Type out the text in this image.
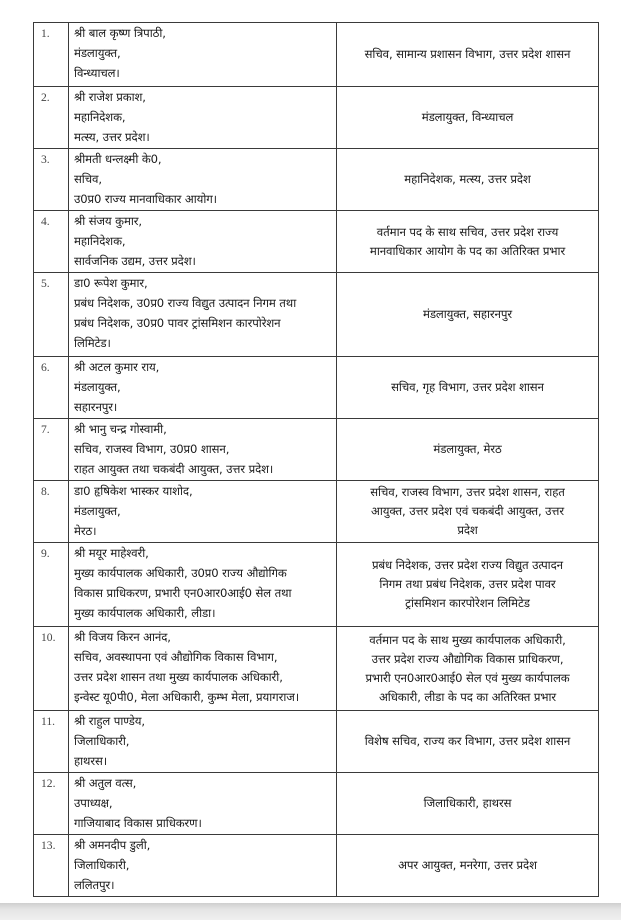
1.	श्री बाल कृष्ण त्रिपाठी,
मंडलायुक्त,
विन्ध्याचल।	सचिव, सामान्य प्रशासन विभाग, उत्तर प्रदेश शासन

2.	श्री राजेश प्रकाश,
महानिदेशक,
मत्स्य, उत्तर प्रदेश।	मंडलायुक्त, विन्ध्याचल

3.	श्रीमती धन्लक्ष्मी के0,
सचिव,
उ0प्र0 राज्य मानवाधिकार आयोग।	महानिदेशक, मत्स्य, उत्तर प्रदेश

4.	श्री संजय कुमार,
महानिदेशक,
सार्वजनिक उद्यम, उत्तर प्रदेश।	वर्तमान पद के साथ सचिव, उत्तर प्रदेश राज्य
मानवाधिकार आयोग के पद का अतिरिक्त प्रभार

5.	डा0 रूपेश कुमार,
प्रबंध निदेशक, उ0प्र0 राज्य विद्युत उत्पादन निगम तथा
प्रबंध निदेशक, उ0प्र0 पावर ट्रांसमिशन कारपोरेशन
लिमिटेड।	मंडलायुक्त, सहारनपुर

6.	श्री अटल कुमार राय,
मंडलायुक्त,
सहारनपुर।	सचिव, गृह विभाग, उत्तर प्रदेश शासन

7.	श्री भानु चन्द्र गोस्वामी,
सचिव, राजस्व विभाग, उ0प्र0 शासन,
राहत आयुक्त तथा चकबंदी आयुक्त, उत्तर प्रदेश।	मंडलायुक्त, मेरठ

8.	डा0 हृषिकेश भास्कर याशोद,
मंडलायुक्त,
मेरठ।	सचिव, राजस्व विभाग, उत्तर प्रदेश शासन, राहत
आयुक्त, उत्तर प्रदेश एवं चकबंदी आयुक्त, उत्तर
प्रदेश

9.	श्री मयूर माहेश्वरी,
मुख्य कार्यपालक अधिकारी, उ0प्र0 राज्य औद्योगिक
विकास प्राधिकरण, प्रभारी एन0आर0आई0 सेल तथा
मुख्य कार्यपालक अधिकारी, लीडा।	प्रबंध निदेशक, उत्तर प्रदेश राज्य विद्युत उत्पादन
निगम तथा प्रबंध निदेशक, उत्तर प्रदेश पावर
ट्रांसमिशन कारपोरेशन लिमिटेड

10.	श्री विजय किरन आनंद,
सचिव, अवस्थापना एवं औद्योगिक विकास विभाग,
उत्तर प्रदेश शासन तथा मुख्य कार्यपालक अधिकारी,
इन्वेस्ट यू0पी0, मेला अधिकारी, कुम्भ मेला, प्रयागराज।	वर्तमान पद के साथ मुख्य कार्यपालक अधिकारी,
उत्तर प्रदेश राज्य औद्योगिक विकास प्राधिकरण,
प्रभारी एन0आर0आई0 सेल एवं मुख्य कार्यपालक
अधिकारी, लीडा के पद का अतिरिक्त प्रभार

11.	श्री राहुल पाण्डेय,
जिलाधिकारी,
हाथरस।	विशेष सचिव, राज्य कर विभाग, उत्तर प्रदेश शासन

12.	श्री अतुल वत्स,
उपाध्यक्ष,
गाजियाबाद विकास प्राधिकरण।	जिलाधिकारी, हाथरस

13.	श्री अमनदीप डुली,
जिलाधिकारी,
ललितपुर।	अपर आयुक्त, मनरेगा, उत्तर प्रदेश
